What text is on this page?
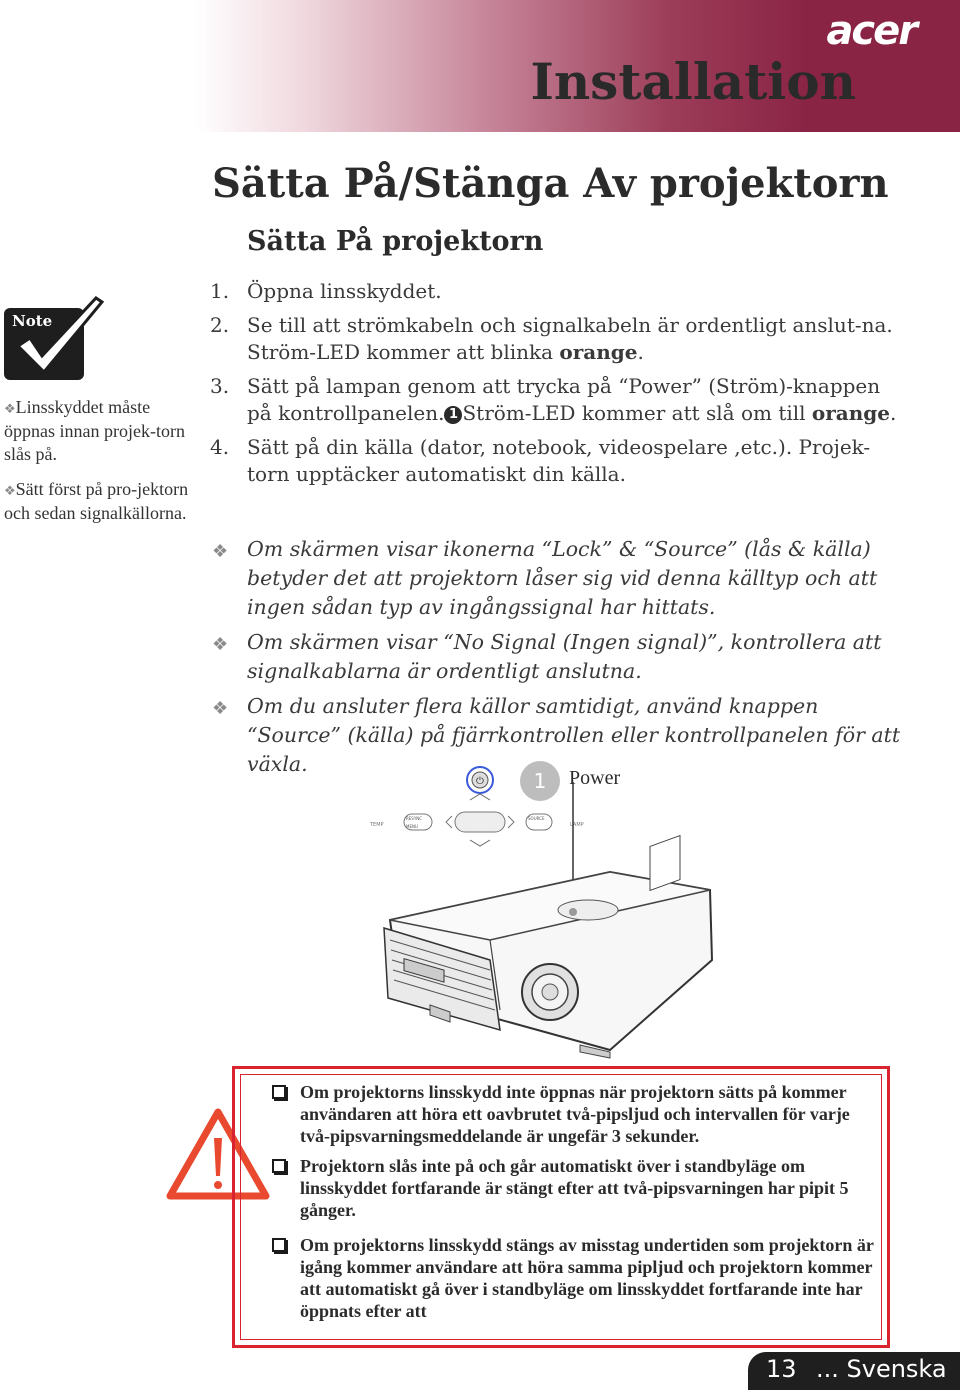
acer
Installation
Sätta På/Stänga Av projektorn
Sätta På projektorn
Note

❖Linsskyddet måste öppnas innan projek-torn slås på.

❖Sätt först på pro-jektorn och sedan signalkällorna.

1. Öppna linsskyddet.
2. Se till att strömkabeln och signalkabeln är ordentligt anslut-na. Ström-LED kommer att blinka orange.
3. Sätt på lampan genom att trycka på “Power” (Ström)-knappen på kontrollpanelen. 1 Ström-LED kommer att slå om till orange.
4. Sätt på din källa (dator, notebook, videospelare ,etc.). Projek-torn upptäcker automatiskt din källa.
❖ Om skärmen visar ikonerna “Lock” & “Source” (lås & källa) betyder det att projektorn låser sig vid denna källtyp och att ingen sådan typ av ingångssignal har hittats.
❖ Om skärmen visar “No Signal (Ingen signal)”, kontrollera att signalkablarna är ordentligt anslutna.
❖ Om du ansluter flera källor samtidigt, använd knappen “Source” (källa) på fjärrkontrollen eller kontrollpanelen för att växla.
⏻
TEMP
RESYNC
MENU
SOURCE
LAMP
1	Power
Om projektorns linsskydd inte öppnas när projektorn sätts på kommer användaren att höra ett oavbrutet två-pipsljud och intervallen för varje två-pipsvarningsmeddelande är ungefär 3 sekunder.
Projektorn slås inte på och går automatiskt över i standbyläge om linsskyddet fortfarande är stängt efter att två-pipsvarningen har pipit 5 gånger.
Om projektorns linsskydd stängs av misstag undertiden som projektorn är igång kommer användare att höra samma pipljud och projektorn kommer att automatiskt gå över i standbyläge om linsskyddet fortfarande inte har öppnats efter att
13 ... Svenska
